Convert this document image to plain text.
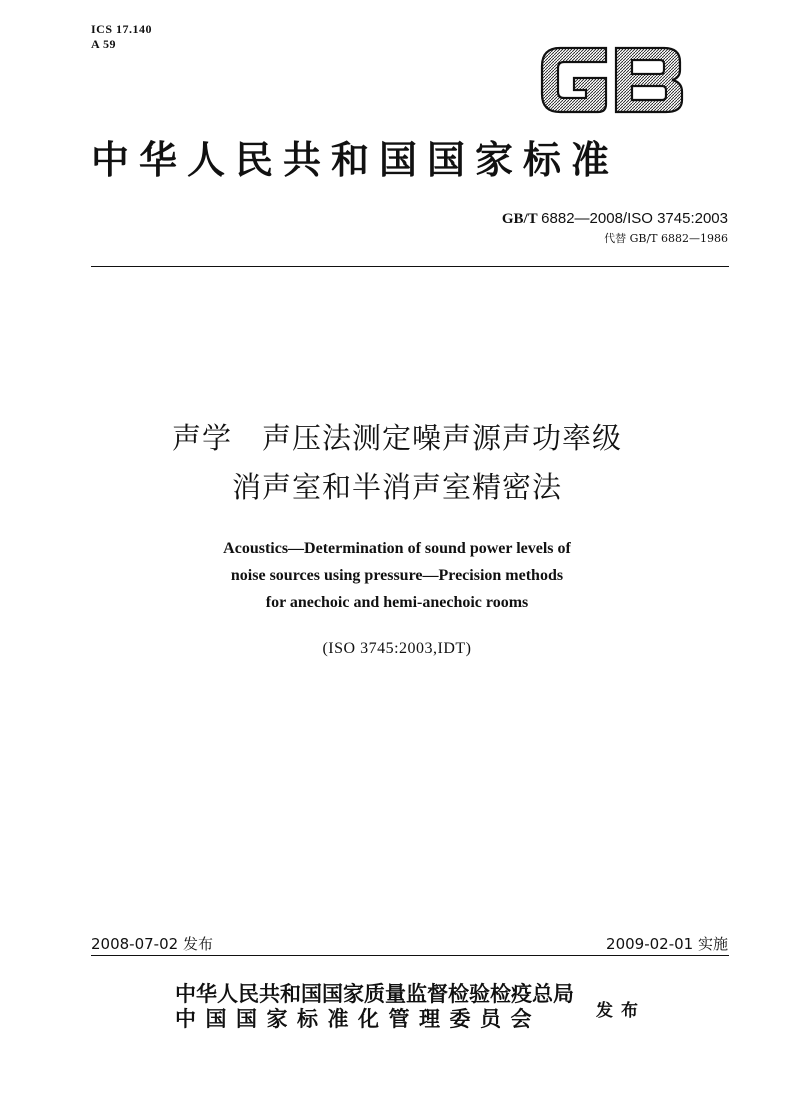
ICS 17.140
A 59	GB
中华人民共和国国家标准
GB/T 6882—2008/ISO 3745:2003
代替 GB/T 6882—1986
声学　声压法测定噪声源声功率级
消声室和半消声室精密法
Acoustics—Determination of sound power levels of
noise sources using pressure—Precision methods
for anechoic and hemi-anechoic rooms
(ISO 3745:2003,IDT)
2008-07-02 发布	2009-02-01 实施
中华人民共和国国家质量监督检验检疫总局
中国国家标准化管理委员会	发布
